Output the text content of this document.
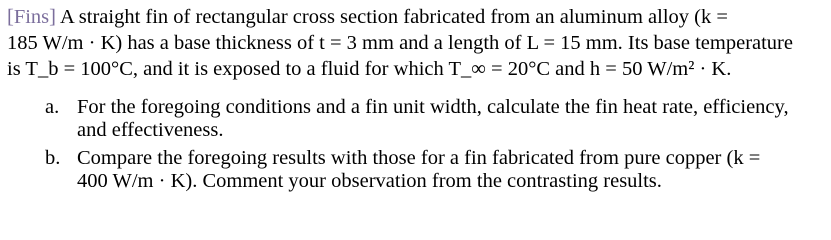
[Fins] A straight fin of rectangular cross section fabricated from an aluminum alloy (k =
185 W/m · K) has a base thickness of t = 3 mm and a length of L = 15 mm. Its base temperature
is T_b = 100°C, and it is exposed to a fluid for which T_∞ = 20°C and h = 50 W/m² · K.
a. For the foregoing conditions and a fin unit width, calculate the fin heat rate, efficiency,
and effectiveness.
b. Compare the foregoing results with those for a fin fabricated from pure copper (k =
400 W/m · K). Comment your observation from the contrasting results.
